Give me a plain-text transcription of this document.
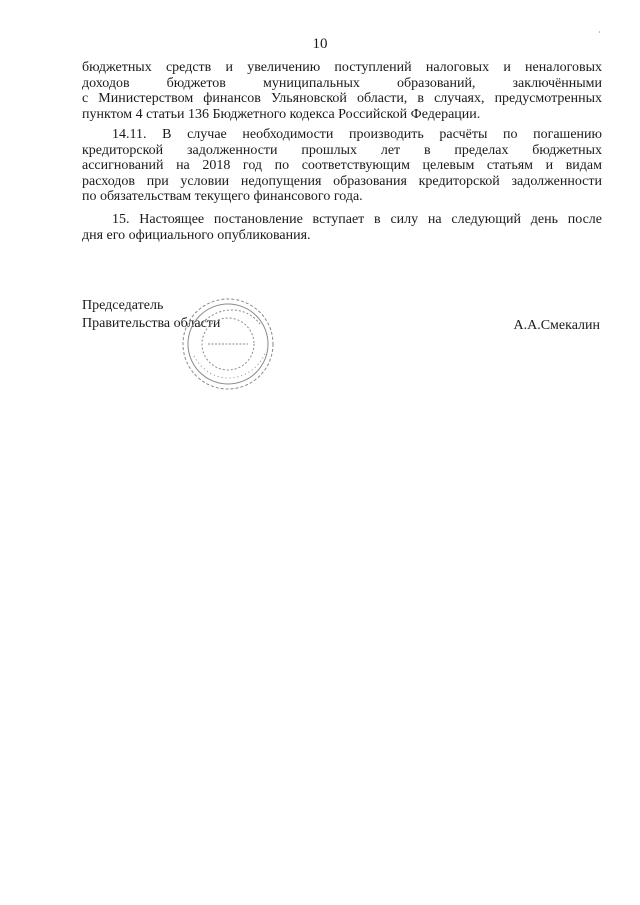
10
·
бюджетных средств и увеличению поступлений налоговых и неналоговых
доходов бюджетов муниципальных образований, заключёнными
с Министерством финансов Ульяновской области, в случаях, предусмотренных
пунктом 4 статьи 136 Бюджетного кодекса Российской Федерации.
14.11. В случае необходимости производить расчёты по погашению
кредиторской задолженности прошлых лет в пределах бюджетных
ассигнований на 2018 год по соответствующим целевым статьям и видам
расходов при условии недопущения образования кредиторской задолженности
по обязательствам текущего финансового года.
15. Настоящее постановление вступает в силу на следующий день после
дня его официального опубликования.
Председатель
Правительства области	А.А.Смекалин
